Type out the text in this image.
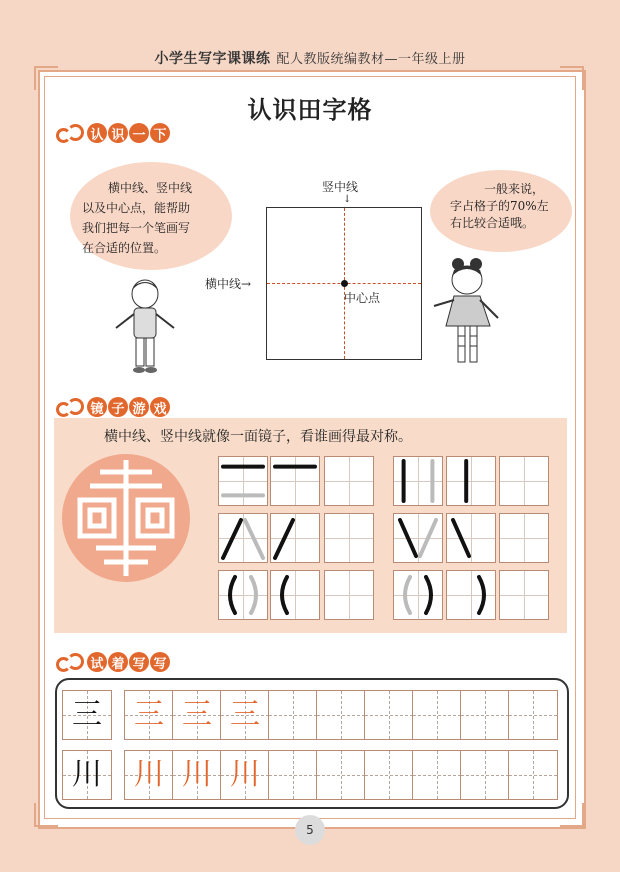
小学生写字课课练 配人教版统编教材—一年级上册
认识田字格
认 识 一 下
横中线、竖中线
以及中心点，能帮助
我们把每一个笔画写
在合适的位置。
竖中线
↓
横中线→
中心点
一般来说，
字占格子的70%左
右比较合适哦。
镜 子 游 戏
横中线、竖中线就像一面镜子，看谁画得最对称。
试 着 写 写
三	三 三 三
川	川 川 川
5
